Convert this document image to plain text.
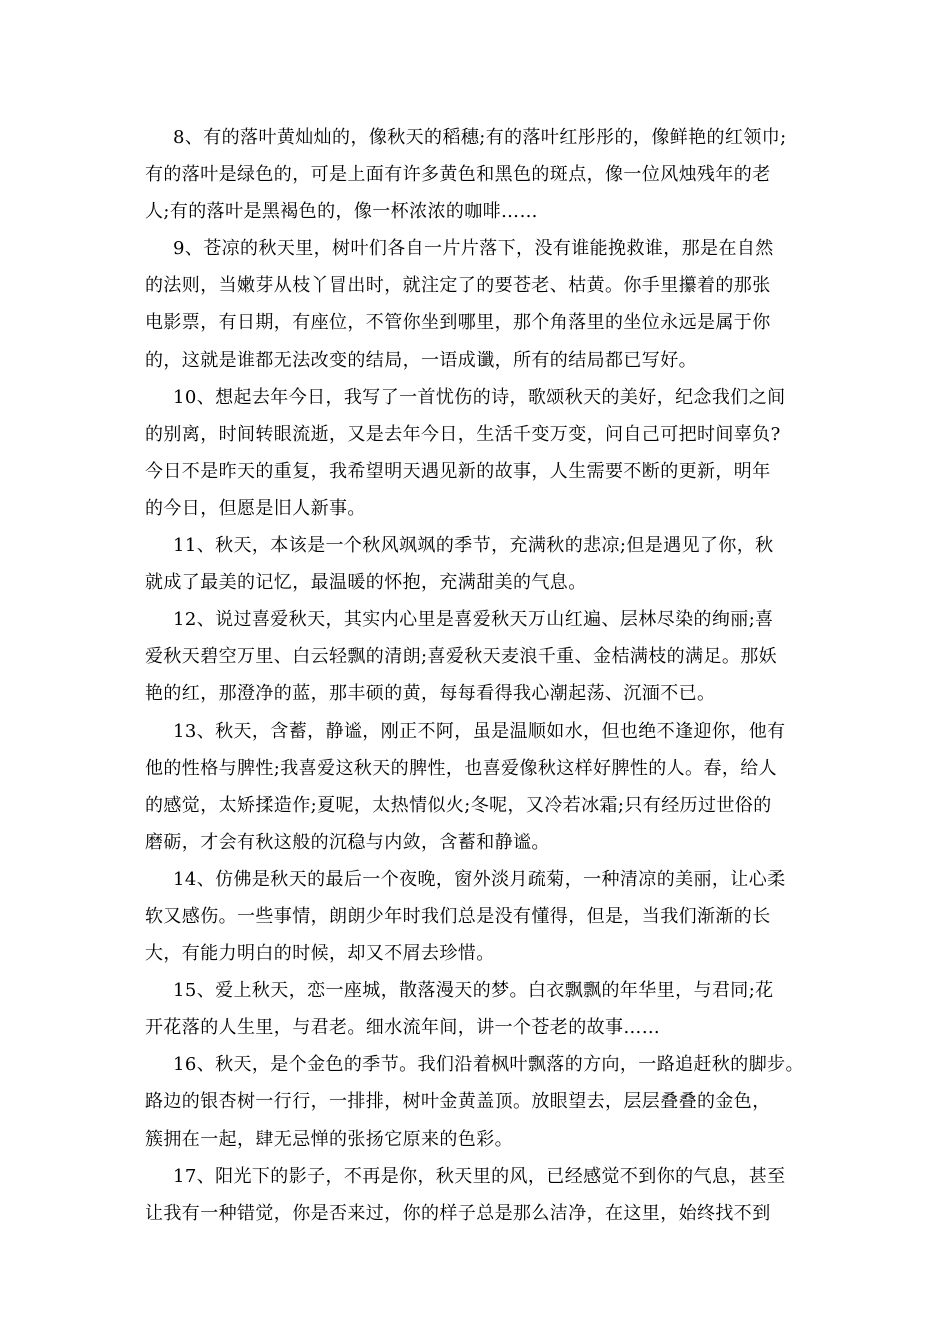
8、有的落叶黄灿灿的，像秋天的稻穗;有的落叶红彤彤的，像鲜艳的红领巾;
有的落叶是绿色的，可是上面有许多黄色和黑色的斑点，像一位风烛残年的老
人;有的落叶是黑褐色的，像一杯浓浓的咖啡……
9、苍凉的秋天里，树叶们各自一片片落下，没有谁能挽救谁，那是在自然
的法则，当嫩芽从枝丫冒出时，就注定了的要苍老、枯黄。你手里攥着的那张
电影票，有日期，有座位，不管你坐到哪里，那个角落里的坐位永远是属于你
的，这就是谁都无法改变的结局，一语成谶，所有的结局都已写好。
10、想起去年今日，我写了一首忧伤的诗，歌颂秋天的美好，纪念我们之间
的别离，时间转眼流逝，又是去年今日，生活千变万变，问自己可把时间辜负?
今日不是昨天的重复，我希望明天遇见新的故事，人生需要不断的更新，明年
的今日，但愿是旧人新事。
11、秋天，本该是一个秋风飒飒的季节，充满秋的悲凉;但是遇见了你，秋
就成了最美的记忆，最温暖的怀抱，充满甜美的气息。
12、说过喜爱秋天，其实内心里是喜爱秋天万山红遍、层林尽染的绚丽;喜
爱秋天碧空万里、白云轻飘的清朗;喜爱秋天麦浪千重、金桔满枝的满足。那妖
艳的红，那澄净的蓝，那丰硕的黄，每每看得我心潮起荡、沉湎不已。
13、秋天，含蓄，静谧，刚正不阿，虽是温顺如水，但也绝不逢迎你，他有
他的性格与脾性;我喜爱这秋天的脾性，也喜爱像秋这样好脾性的人。春，给人
的感觉，太矫揉造作;夏呢，太热情似火;冬呢，又冷若冰霜;只有经历过世俗的
磨砺，才会有秋这般的沉稳与内敛，含蓄和静谧。
14、仿佛是秋天的最后一个夜晚，窗外淡月疏菊，一种清凉的美丽，让心柔
软又感伤。一些事情，朗朗少年时我们总是没有懂得，但是，当我们渐渐的长
大，有能力明白的时候，却又不屑去珍惜。
15、爱上秋天，恋一座城，散落漫天的梦。白衣飘飘的年华里，与君同;花
开花落的人生里，与君老。细水流年间，讲一个苍老的故事……
16、秋天，是个金色的季节。我们沿着枫叶飘落的方向，一路追赶秋的脚步。
路边的银杏树一行行，一排排，树叶金黄盖顶。放眼望去，层层叠叠的金色，
簇拥在一起，肆无忌惮的张扬它原来的色彩。
17、阳光下的影子，不再是你，秋天里的风，已经感觉不到你的气息，甚至
让我有一种错觉，你是否来过，你的样子总是那么洁净，在这里，始终找不到
